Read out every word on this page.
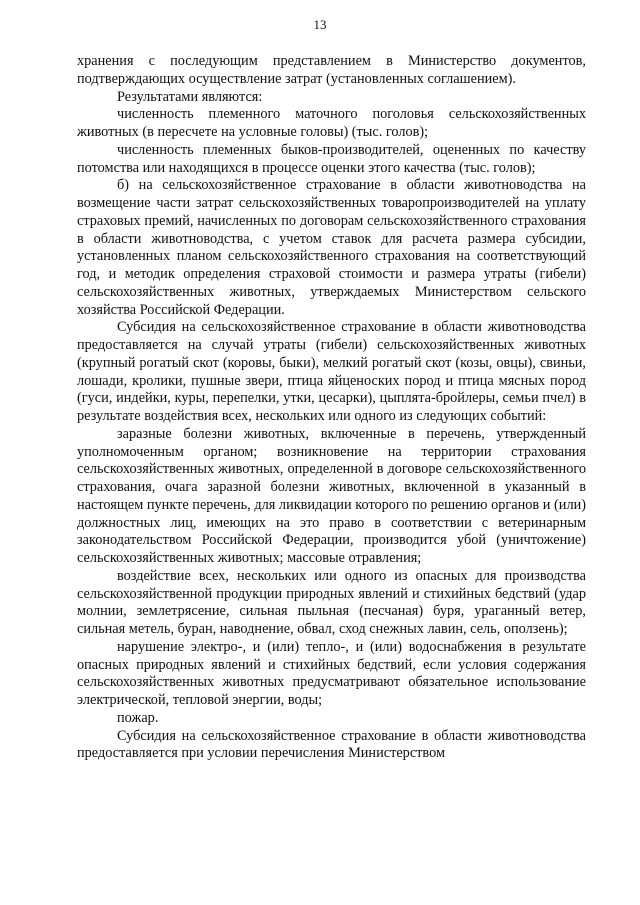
13

хранения с последующим представлением в Министерство документов, подтверждающих осуществление затрат (установленных соглашением).

Результатами являются:

численность племенного маточного поголовья сельскохозяйственных животных (в пересчете на условные головы) (тыс. голов);

численность племенных быков-производителей, оцененных по качеству потомства или находящихся в процессе оценки этого качества (тыс. голов);

б) на сельскохозяйственное страхование в области животноводства на возмещение части затрат сельскохозяйственных товаропроизводителей на уплату страховых премий, начисленных по договорам сельскохозяйственного страхования в области животноводства, с учетом ставок для расчета размера субсидии, установленных планом сельскохозяйственного страхования на соответствующий год, и методик определения страховой стоимости и размера утраты (гибели) сельскохозяйственных животных, утверждаемых Министерством сельского хозяйства Российской Федерации.

Субсидия на сельскохозяйственное страхование в области животноводства предоставляется на случай утраты (гибели) сельскохозяйственных животных (крупный рогатый скот (коровы, быки), мелкий рогатый скот (козы, овцы), свиньи, лошади, кролики, пушные звери, птица яйценоских пород и птица мясных пород (гуси, индейки, куры, перепелки, утки, цесарки), цыплята-бройлеры, семьи пчел) в результате воздействия всех, нескольких или одного из следующих событий:

заразные болезни животных, включенные в перечень, утвержденный уполномоченным органом; возникновение на территории страхования сельскохозяйственных животных, определенной в договоре сельскохозяйственного страхования, очага заразной болезни животных, включенной в указанный в настоящем пункте перечень, для ликвидации которого по решению органов и (или) должностных лиц, имеющих на это право в соответствии с ветеринарным законодательством Российской Федерации, производится убой (уничтожение) сельскохозяйственных животных; массовые отравления;

воздействие всех, нескольких или одного из опасных для производства сельскохозяйственной продукции природных явлений и стихийных бедствий (удар молнии, землетрясение, сильная пыльная (песчаная) буря, ураганный ветер, сильная метель, буран, наводнение, обвал, сход снежных лавин, сель, оползень);

нарушение электро-, и (или) тепло-, и (или) водоснабжения в результате опасных природных явлений и стихийных бедствий, если условия содержания сельскохозяйственных животных предусматривают обязательное использование электрической, тепловой энергии, воды;

пожар.

Субсидия на сельскохозяйственное страхование в области животноводства предоставляется при условии перечисления Министерством
